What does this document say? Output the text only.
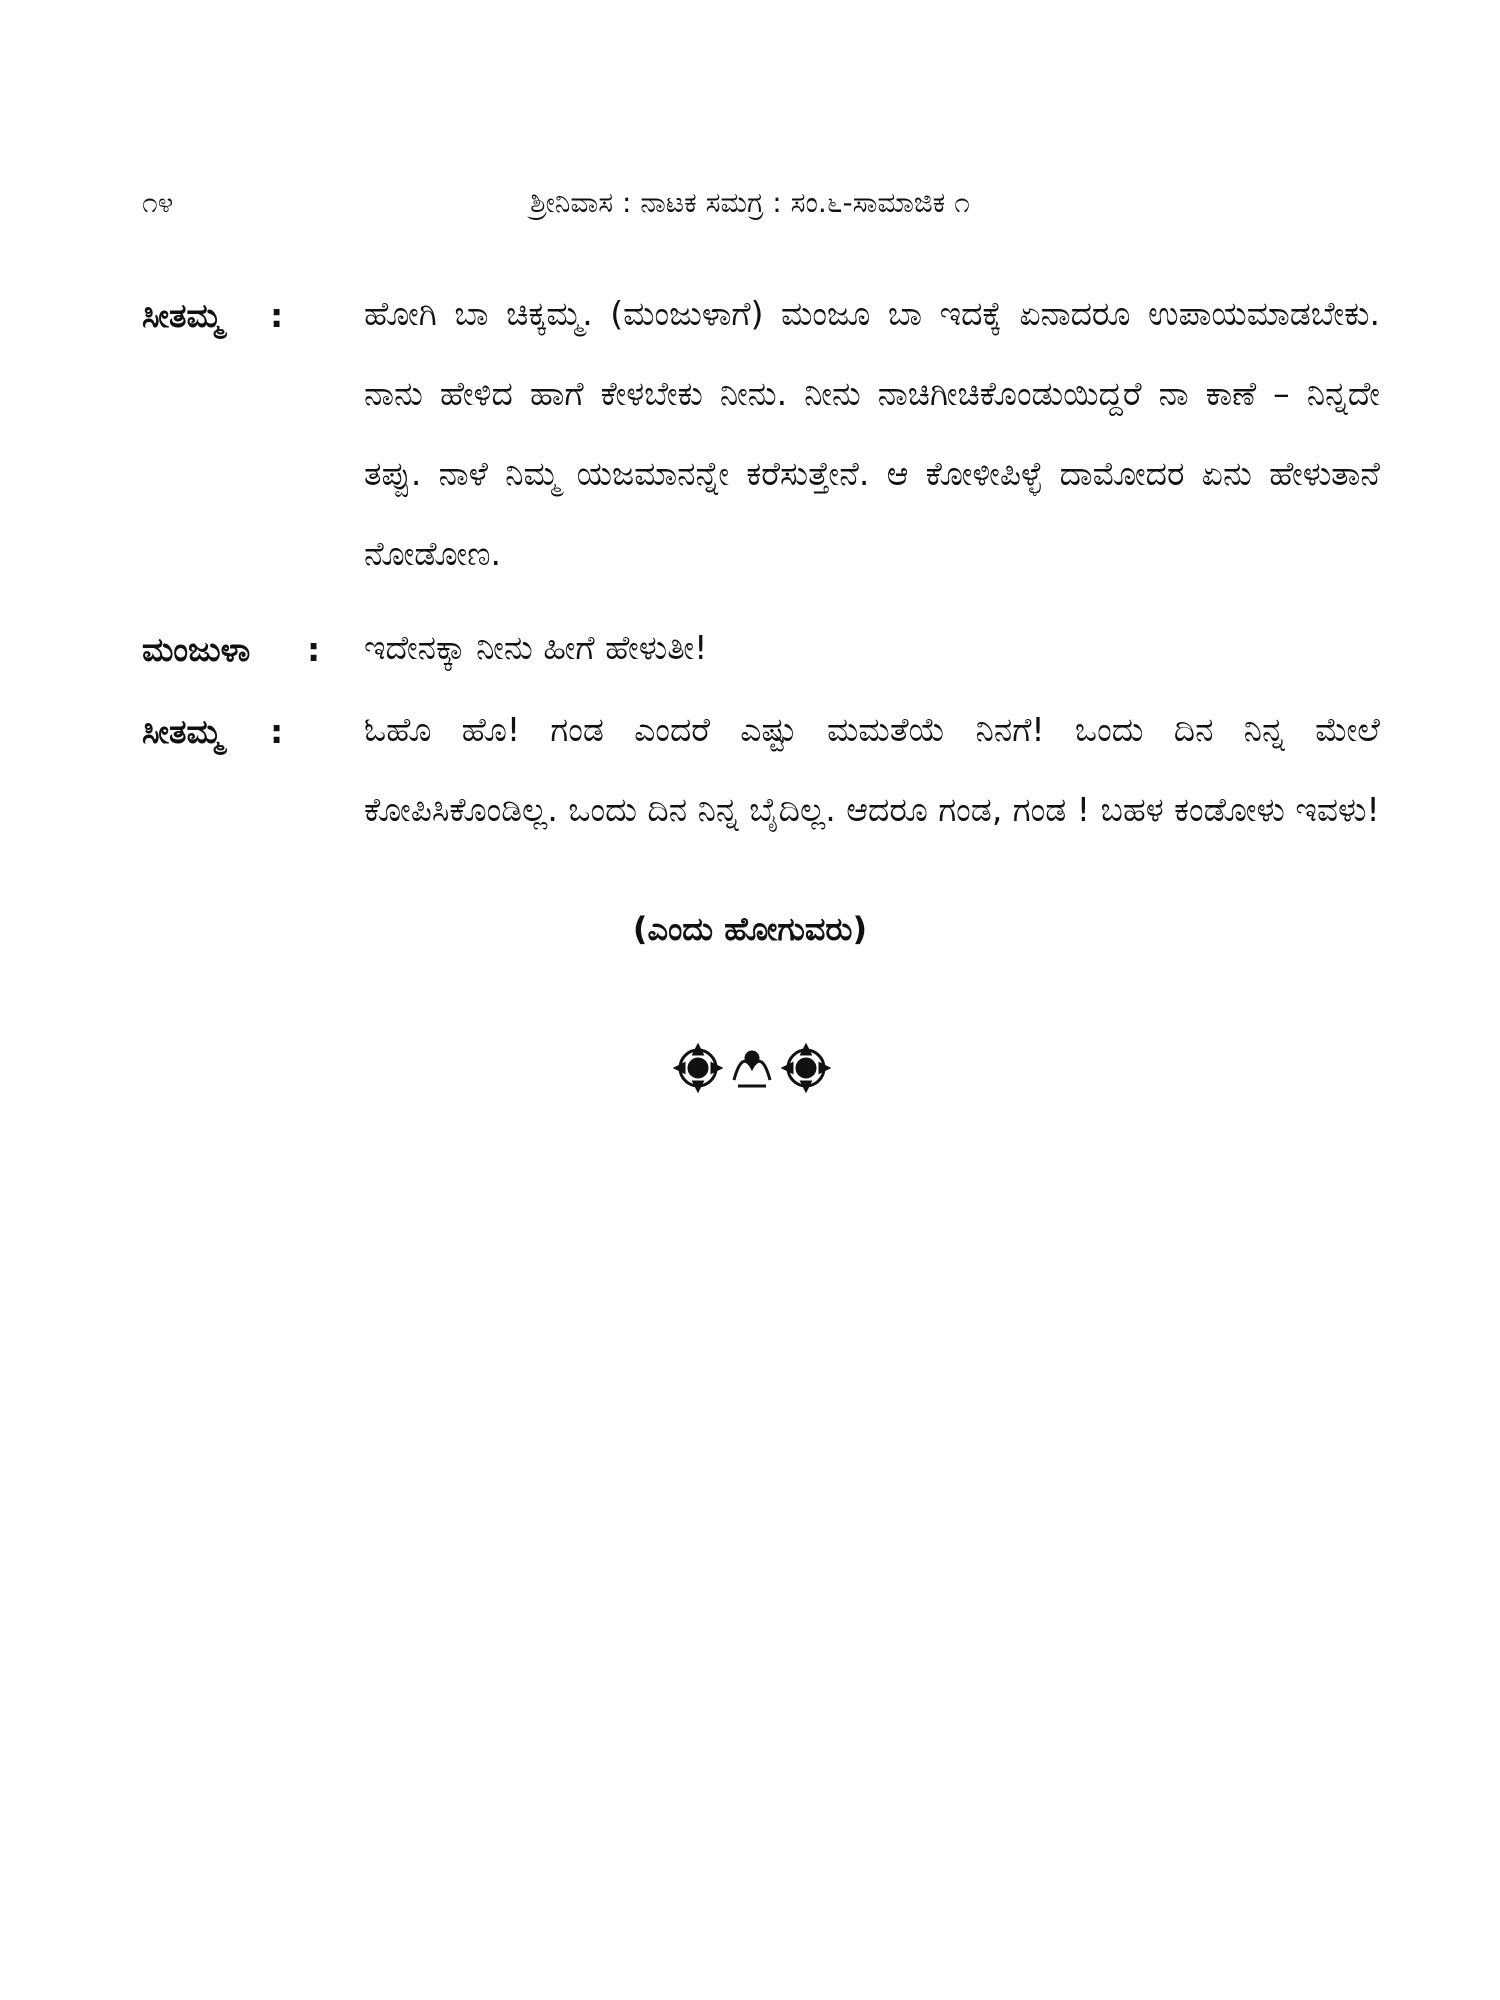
೧೪	ಶ್ರೀನಿವಾಸ : ನಾಟಕ ಸಮಗ್ರ : ಸಂ.೬-ಸಾಮಾಜಿಕ ೧
ಸೀತಮ್ಮ	: ಹೋಗಿ ಬಾ ಚಿಕ್ಕಮ್ಮ. (ಮಂಜುಳಾಗೆ) ಮಂಜೂ ಬಾ ಇದಕ್ಕೆ ಏನಾದರೂ ಉಪಾಯಮಾಡಬೇಕು. ನಾನು ಹೇಳಿದ ಹಾಗೆ ಕೇಳಬೇಕು ನೀನು. ನೀನು ನಾಚಿಗೀಚಿಕೊಂಡುಯಿದ್ದರೆ ನಾ ಕಾಣೆ – ನಿನ್ನದೇ ತಪ್ಪು. ನಾಳೆ ನಿಮ್ಮ ಯಜಮಾನನ್ನೇ ಕರೆಸುತ್ತೇನೆ. ಆ ಕೋಳೀಪಿಳ್ಳೆ ದಾಮೋದರ ಏನು ಹೇಳುತಾನೆ ನೋಡೋಣ.
ಮಂಜುಳಾ	: ಇದೇನಕ್ಕಾ ನೀನು ಹೀಗೆ ಹೇಳುತೀ!
ಸೀತಮ್ಮ	: ಓಹೊ ಹೊ! ಗಂಡ ಎಂದರೆ ಎಷ್ಟು ಮಮತೆಯೆ ನಿನಗೆ! ಒಂದು ದಿನ ನಿನ್ನ ಮೇಲೆ ಕೋಪಿಸಿಕೊಂಡಿಲ್ಲ. ಒಂದು ದಿನ ನಿನ್ನ ಬೈದಿಲ್ಲ. ಆದರೂ ಗಂಡ, ಗಂಡ ! ಬಹಳ ಕಂಡೋಳು ಇವಳು!
(ಎಂದು ಹೋಗುವರು)
